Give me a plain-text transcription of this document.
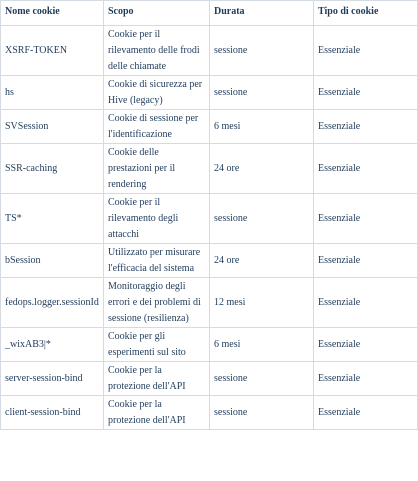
Nome cookie	Scopo	Durata	Tipo di cookie
XSRF-TOKEN	Cookie per il
rilevamento delle frodi
delle chiamate	sessione	Essenziale
hs	Cookie di sicurezza per
Hive (legacy)	sessione	Essenziale
SVSession	Cookie di sessione per
l'identificazione	6 mesi	Essenziale
SSR-caching	Cookie delle
prestazioni per il
rendering	24 ore	Essenziale
TS*	Cookie per il
rilevamento degli
attacchi	sessione	Essenziale
bSession	Utilizzato per misurare
l'efficacia del sistema	24 ore	Essenziale
fedops.logger.sessionId	Monitoraggio degli
errori e dei problemi di
sessione (resilienza)	12 mesi	Essenziale
_wixAB3|*	Cookie per gli
esperimenti sul sito	6 mesi	Essenziale
server-session-bind	Cookie per la
protezione dell'API	sessione	Essenziale
client-session-bind	Cookie per la
protezione dell'API	sessione	Essenziale
